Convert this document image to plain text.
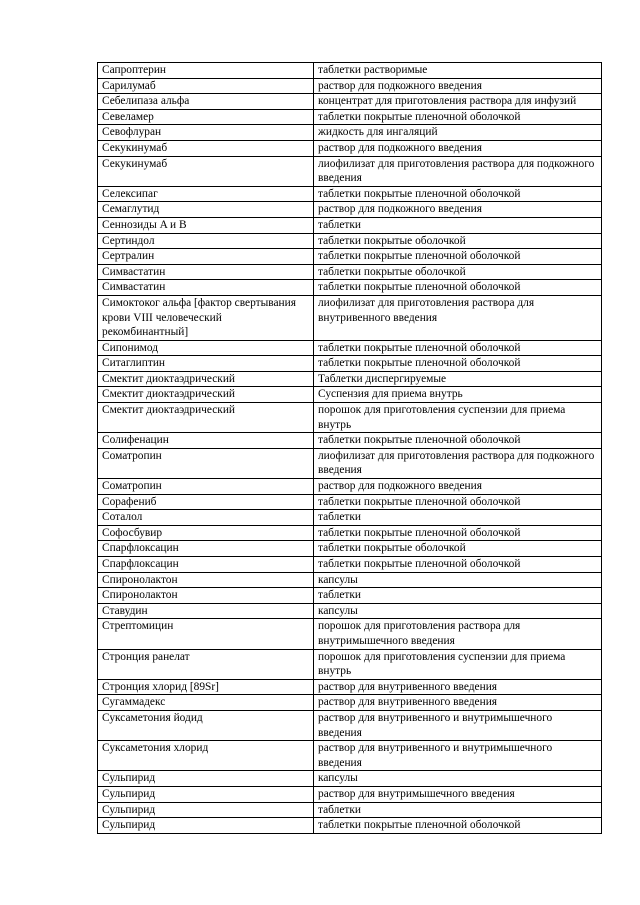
Сапроптерин	таблетки растворимые
Сарилумаб	раствор для подкожного введения
Себелипаза альфа	концентрат для приготовления раствора для инфузий
Севеламер	таблетки покрытые пленочной оболочкой
Севофлуран	жидкость для ингаляций
Секукинумаб	раствор для подкожного введения
Секукинумаб	лиофилизат для приготовления раствора для подкожного введения
Селексипаг	таблетки покрытые пленочной оболочкой
Семаглутид	раствор для подкожного введения
Сеннозиды A и B	таблетки
Сертиндол	таблетки покрытые оболочкой
Сертралин	таблетки покрытые пленочной оболочкой
Симвастатин	таблетки покрытые оболочкой
Симвастатин	таблетки покрытые пленочной оболочкой
Симоктоког альфа [фактор свертывания крови VIII человеческий рекомбинантный]	лиофилизат для приготовления раствора для внутривенного введения
Сипонимод	таблетки покрытые пленочной оболочкой
Ситаглиптин	таблетки покрытые пленочной оболочкой
Смектит диоктаэдрический	Таблетки диспергируемые
Смектит диоктаэдрический	Суспензия для приема внутрь
Смектит диоктаэдрический	порошок для приготовления суспензии для приема внутрь
Солифенацин	таблетки покрытые пленочной оболочкой
Соматропин	лиофилизат для приготовления раствора для подкожного введения
Соматропин	раствор для подкожного введения
Сорафениб	таблетки покрытые пленочной оболочкой
Соталол	таблетки
Софосбувир	таблетки покрытые пленочной оболочкой
Спарфлоксацин	таблетки покрытые оболочкой
Спарфлоксацин	таблетки покрытые пленочной оболочкой
Спиронолактон	капсулы
Спиронолактон	таблетки
Ставудин	капсулы
Стрептомицин	порошок для приготовления раствора для внутримышечного введения
Стронция ранелат	порошок для приготовления суспензии для приема внутрь
Стронция хлорид [89Sr]	раствор для внутривенного введения
Сугаммадекс	раствор для внутривенного введения
Суксаметония йодид	раствор для внутривенного и внутримышечного введения
Суксаметония хлорид	раствор для внутривенного и внутримышечного введения
Сульпирид	капсулы
Сульпирид	раствор для внутримышечного введения
Сульпирид	таблетки
Сульпирид	таблетки покрытые пленочной оболочкой
